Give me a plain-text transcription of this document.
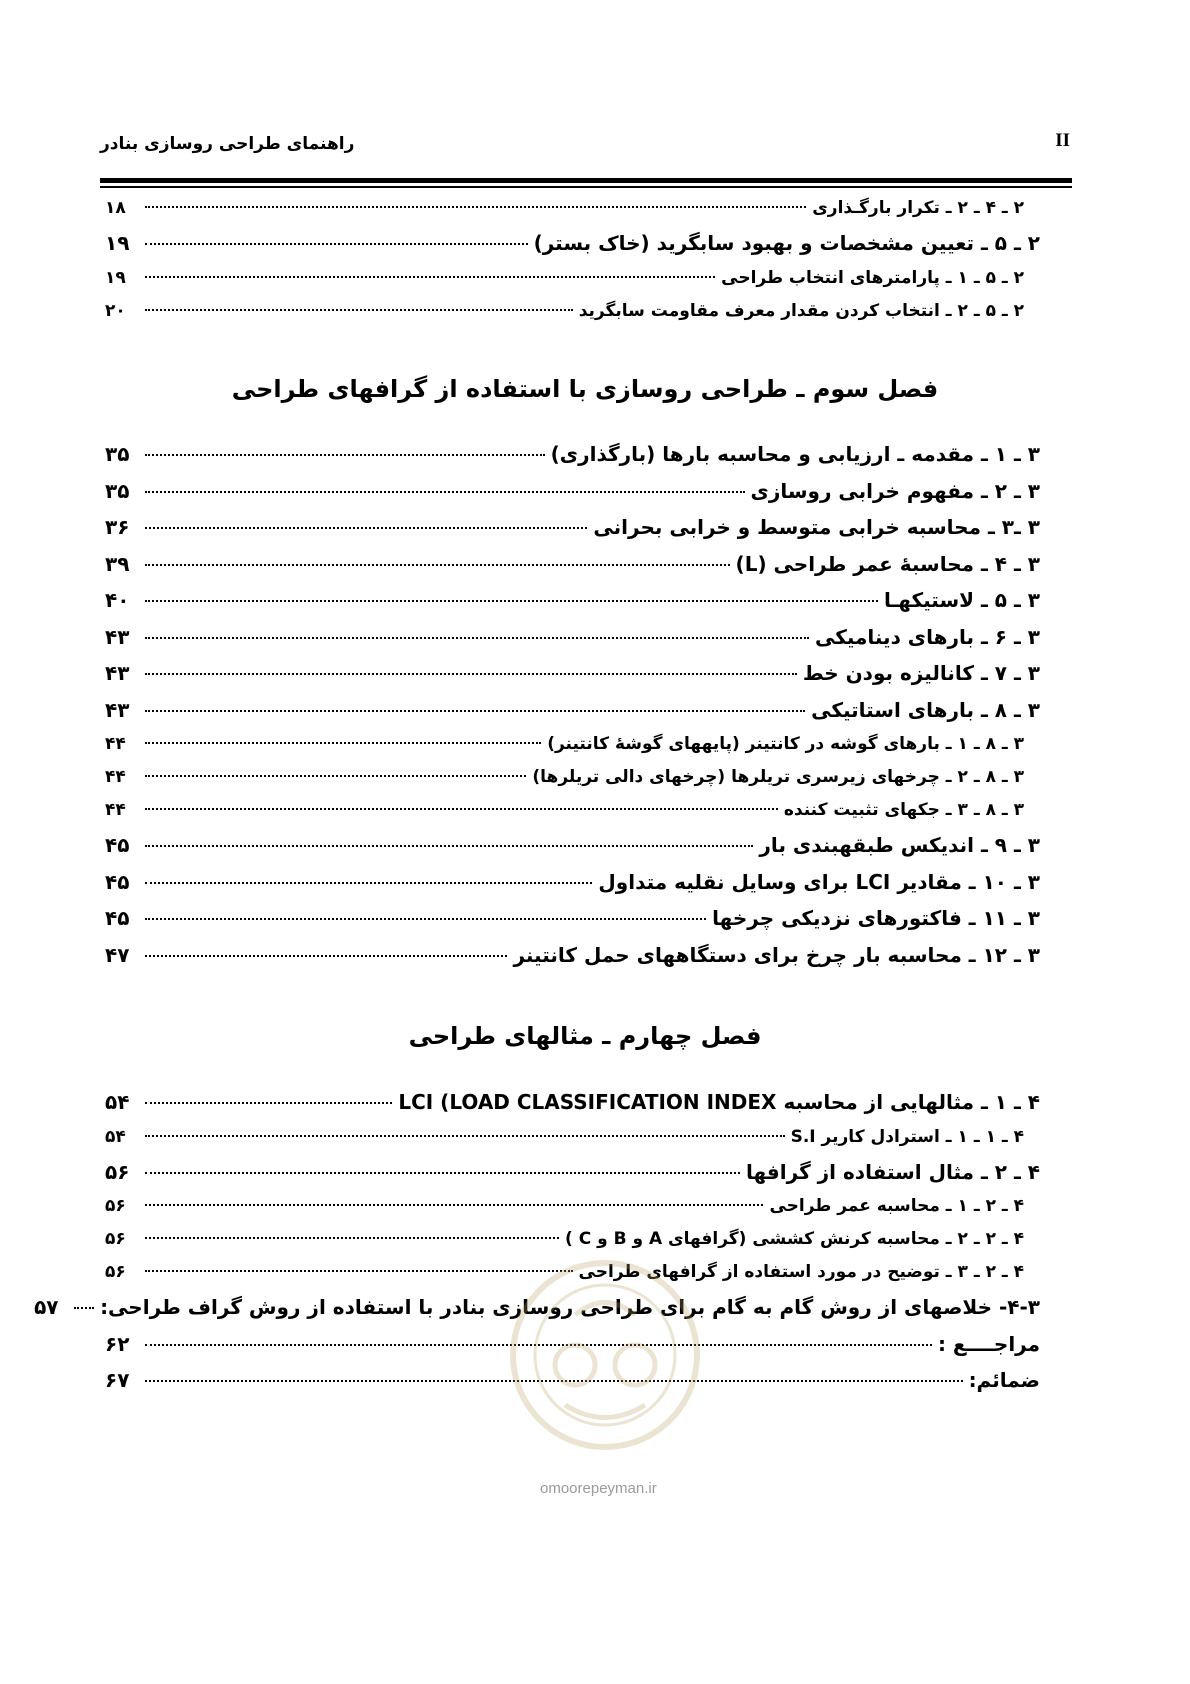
راهنمای طراحی روسازی بنادر	II
۲ ـ ۴ ـ ۲ ـ تکرار بارگـذاری
۱۸
۲ ـ ۵ ـ تعیین مشخصات و بهبود سابگرید (خاک بستر)
۱۹
۲ ـ ۵ ـ ۱ ـ پارامترهای انتخاب طراحی
۱۹
۲ ـ ۵ ـ ۲ ـ انتخاب کردن مقدار معرف مقاومت سابگرید
۲۰
فصل سوم ـ طراحی روسازی با استفاده از گرافهای طراحی
۳ ـ ۱ ـ مقدمه ـ ارزیابی و محاسبه بارها (بارگذاری)
۳۵
۳ ـ ۲ ـ مفهوم خرابی روسازی
۳۵
۳ ـ۳ ـ محاسبه خرابی متوسط و خرابی بحرانی
۳۶
۳ ـ ۴ ـ محاسبهٔ عمر طراحی (L)
۳۹
۳ ـ ۵ ـ لاستیکهـا
۴۰
۳ ـ ۶ ـ بارهای دینامیکی
۴۳
۳ ـ ۷ ـ کانالیزه بودن خط
۴۳
۳ ـ ۸ ـ بارهای استاتیکی
۴۳
۳ ـ ۸ ـ ۱ ـ بارهای گوشه در کانتینر (پایههای گوشهٔ کانتینر)
۴۴
۳ ـ ۸ ـ ۲ ـ چرخهای زیرسری تریلرها (چرخهای دالی تریلرها)
۴۴
۳ ـ ۸ ـ ۳ ـ جکهای تثبیت کننده
۴۴
۳ ـ ۹ ـ اندیکس طبقهبندی بار
۴۵
۳ ـ ۱۰ ـ مقادیر LCI برای وسایل نقلیه متداول
۴۵
۳ ـ ۱۱ ـ فاکتورهای نزدیکی چرخها
۴۵
۳ ـ ۱۲ ـ محاسبه بار چرخ برای دستگاههای حمل کانتینر
۴۷
فصل چهارم ـ مثالهای طراحی
۴ ـ ۱ ـ مثالهایی از محاسبه LCI (LOAD CLASSIFICATION INDEX
۵۴
۴ ـ ۱ ـ ۱ ـ استرادل کاریر S.I
۵۴
۴ ـ ۲ ـ مثال استفاده از گرافها
۵۶
۴ ـ ۲ ـ ۱ ـ محاسبه عمر طراحی
۵۶
۴ ـ ۲ ـ ۲ ـ محاسبه کرنش کششی (گرافهای A و B و C )
۵۶
۴ ـ ۲ ـ ۳ ـ توضیح در مورد استفاده از گرافهای طراحی
۵۶
۴-۳- خلاصهای از روش گام به گام برای طراحی روسازی بنادر با استفاده از روش گراف طراحی:
۵۷
مراجــــع :
۶۲
ضمائم:
۶۷
omoorepeyman.ir
